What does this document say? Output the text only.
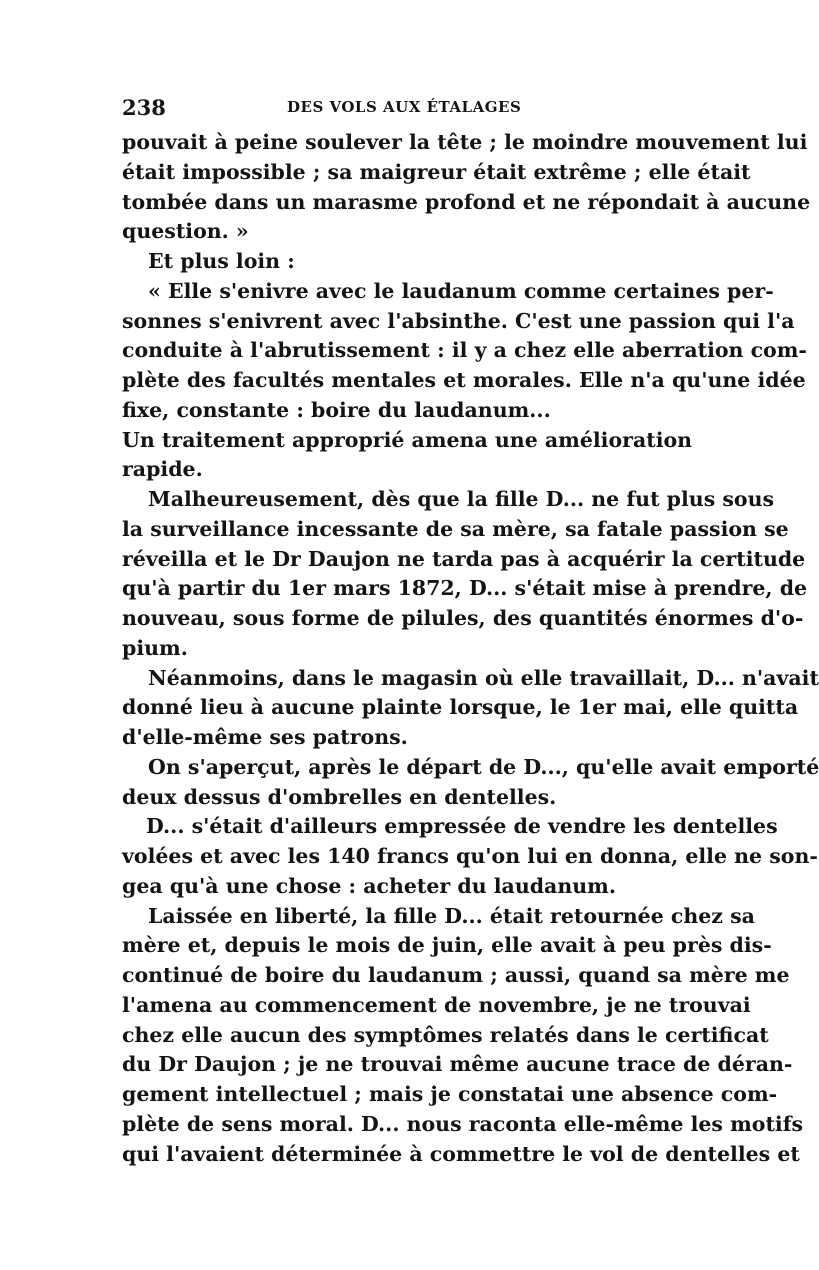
238	DES VOLS AUX ÉTALAGES
pouvait à peine soulever la tête ; le moindre mouvement lui
était impossible ; sa maigreur était extrême ; elle était
tombée dans un marasme profond et ne répondait à aucune
question. »
Et plus loin :
« Elle s'enivre avec le laudanum comme certaines per-
sonnes s'enivrent avec l'absinthe. C'est une passion qui l'a
conduite à l'abrutissement : il y a chez elle aberration com-
plète des facultés mentales et morales. Elle n'a qu'une idée
fixe, constante : boire du laudanum...
Un traitement approprié amena une amélioration
rapide.
Malheureusement, dès que la fille D... ne fut plus sous
la surveillance incessante de sa mère, sa fatale passion se
réveilla et le Dr Daujon ne tarda pas à acquérir la certitude
qu'à partir du 1er mars 1872, D... s'était mise à prendre, de
nouveau, sous forme de pilules, des quantités énormes d'o-
pium.
Néanmoins, dans le magasin où elle travaillait, D... n'avait
donné lieu à aucune plainte lorsque, le 1er mai, elle quitta
d'elle-même ses patrons.
On s'aperçut, après le départ de D..., qu'elle avait emporté
deux dessus d'ombrelles en dentelles.
D... s'était d'ailleurs empressée de vendre les dentelles
volées et avec les 140 francs qu'on lui en donna, elle ne son-
gea qu'à une chose : acheter du laudanum.
Laissée en liberté, la fille D... était retournée chez sa
mère et, depuis le mois de juin, elle avait à peu près dis-
continué de boire du laudanum ; aussi, quand sa mère me
l'amena au commencement de novembre, je ne trouvai
chez elle aucun des symptômes relatés dans le certificat
du Dr Daujon ; je ne trouvai même aucune trace de déran-
gement intellectuel ; mais je constatai une absence com-
plète de sens moral. D... nous raconta elle-même les motifs
qui l'avaient déterminée à commettre le vol de dentelles et
